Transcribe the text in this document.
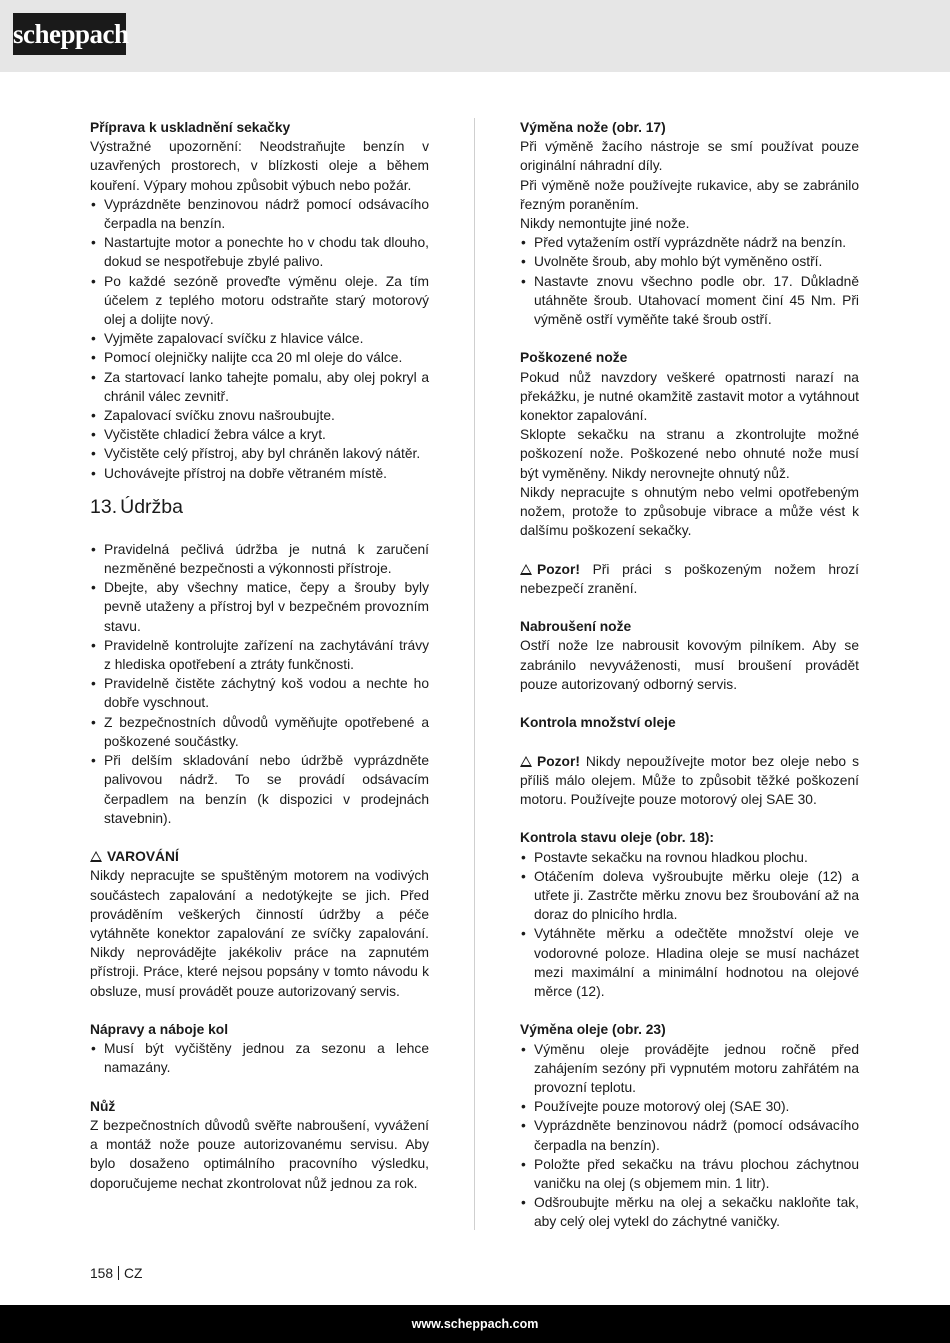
scheppach

Příprava k uskladnění sekačky

Výstražné upozornění: Neodstraňujte benzín v uzavřených prostorech, v blízkosti oleje a během kouření. Výpary mohou způsobit výbuch nebo požár.

• Vyprázdněte benzinovou nádrž pomocí odsávacího čerpadla na benzín.
• Nastartujte motor a ponechte ho v chodu tak dlouho, dokud se nespotřebuje zbylé palivo.
• Po každé sezóně proveďte výměnu oleje. Za tím účelem z teplého motoru odstraňte starý motorový olej a dolijte nový.
• Vyjměte zapalovací svíčku z hlavice válce.
• Pomocí olejničky nalijte cca 20 ml oleje do válce.
• Za startovací lanko tahejte pomalu, aby olej pokryl a chránil válec zevnitř.
• Zapalovací svíčku znovu našroubujte.
• Vyčistěte chladicí žebra válce a kryt.
• Vyčistěte celý přístroj, aby byl chráněn lakový nátěr.
• Uchovávejte přístroj na dobře větraném místě.
13. Údržba
• Pravidelná pečlivá údržba je nutná k zaručení nezměněné bezpečnosti a výkonnosti přístroje.
• Dbejte, aby všechny matice, čepy a šrouby byly pevně utaženy a přístroj byl v bezpečném provozním stavu.
• Pravidelně kontrolujte zařízení na zachytávání trávy z hlediska opotřebení a ztráty funkčnosti.
• Pravidelně čistěte záchytný koš vodou a nechte ho dobře vyschnout.
• Z bezpečnostních důvodů vyměňujte opotřebené a poškozené součástky.
• Při delším skladování nebo údržbě vyprázdněte palivovou nádrž. To se provádí odsávacím čerpadlem na benzín (k dispozici v prodejnách stavebnin).

VAROVÁNÍ

Nikdy nepracujte se spuštěným motorem na vodivých součástech zapalování a nedotýkejte se jich. Před prováděním veškerých činností údržby a péče vytáhněte konektor zapalování ze svíčky zapalování. Nikdy neprovádějte jakékoliv práce na zapnutém přístroji. Práce, které nejsou popsány v tomto návodu k obsluze, musí provádět pouze autorizovaný servis.

Nápravy a náboje kol

• Musí být vyčištěny jednou za sezonu a lehce namazány.

Nůž

Z bezpečnostních důvodů svěřte nabroušení, vyvážení a montáž nože pouze autorizovanému servisu. Aby bylo dosaženo optimálního pracovního výsledku, doporučujeme nechat zkontrolovat nůž jednou za rok.

Výměna nože (obr. 17)

Při výměně žacího nástroje se smí používat pouze originální náhradní díly.

Při výměně nože používejte rukavice, aby se zabránilo řezným poraněním.

Nikdy nemontujte jiné nože.

• Před vytažením ostří vyprázdněte nádrž na benzín.
• Uvolněte šroub, aby mohlo být vyměněno ostří.
• Nastavte znovu všechno podle obr. 17. Důkladně utáhněte šroub. Utahovací moment činí 45 Nm. Při výměně ostří vyměňte také šroub ostří.

Poškozené nože

Pokud nůž navzdory veškeré opatrnosti narazí na překážku, je nutné okamžitě zastavit motor a vytáhnout konektor zapalování.

Sklopte sekačku na stranu a zkontrolujte možné poškození nože. Poškozené nebo ohnuté nože musí být vyměněny. Nikdy nerovnejte ohnutý nůž.

Nikdy nepracujte s ohnutým nebo velmi opotřebeným nožem, protože to způsobuje vibrace a může vést k dalšímu poškození sekačky.

Pozor! Při práci s poškozeným nožem hrozí nebezpečí zranění.

Nabroušení nože

Ostří nože lze nabrousit kovovým pilníkem. Aby se zabránilo nevyváženosti, musí broušení provádět pouze autorizovaný odborný servis.

Kontrola množství oleje

Pozor! Nikdy nepoužívejte motor bez oleje nebo s příliš málo olejem. Může to způsobit těžké poškození motoru. Používejte pouze motorový olej SAE 30.

Kontrola stavu oleje (obr. 18):

• Postavte sekačku na rovnou hladkou plochu.
• Otáčením doleva vyšroubujte měrku oleje (12) a utřete ji. Zastrčte měrku znovu bez šroubování až na doraz do plnicího hrdla.
• Vytáhněte měrku a odečtěte množství oleje ve vodorovné poloze. Hladina oleje se musí nacházet mezi maximální a minimální hodnotou na olejové měrce (12).

Výměna oleje (obr. 23)

• Výměnu oleje provádějte jednou ročně před zahájením sezóny při vypnutém motoru zahřátém na provozní teplotu.
• Používejte pouze motorový olej (SAE 30).
• Vyprázdněte benzinovou nádrž (pomocí odsávacího čerpadla na benzín).
• Položte před sekačku na trávu plochou záchytnou vaničku na olej (s objemem min. 1 litr).
• Odšroubujte měrku na olej a sekačku nakloňte tak, aby celý olej vytekl do záchytné vaničky.
158 CZ
www.scheppach.com
